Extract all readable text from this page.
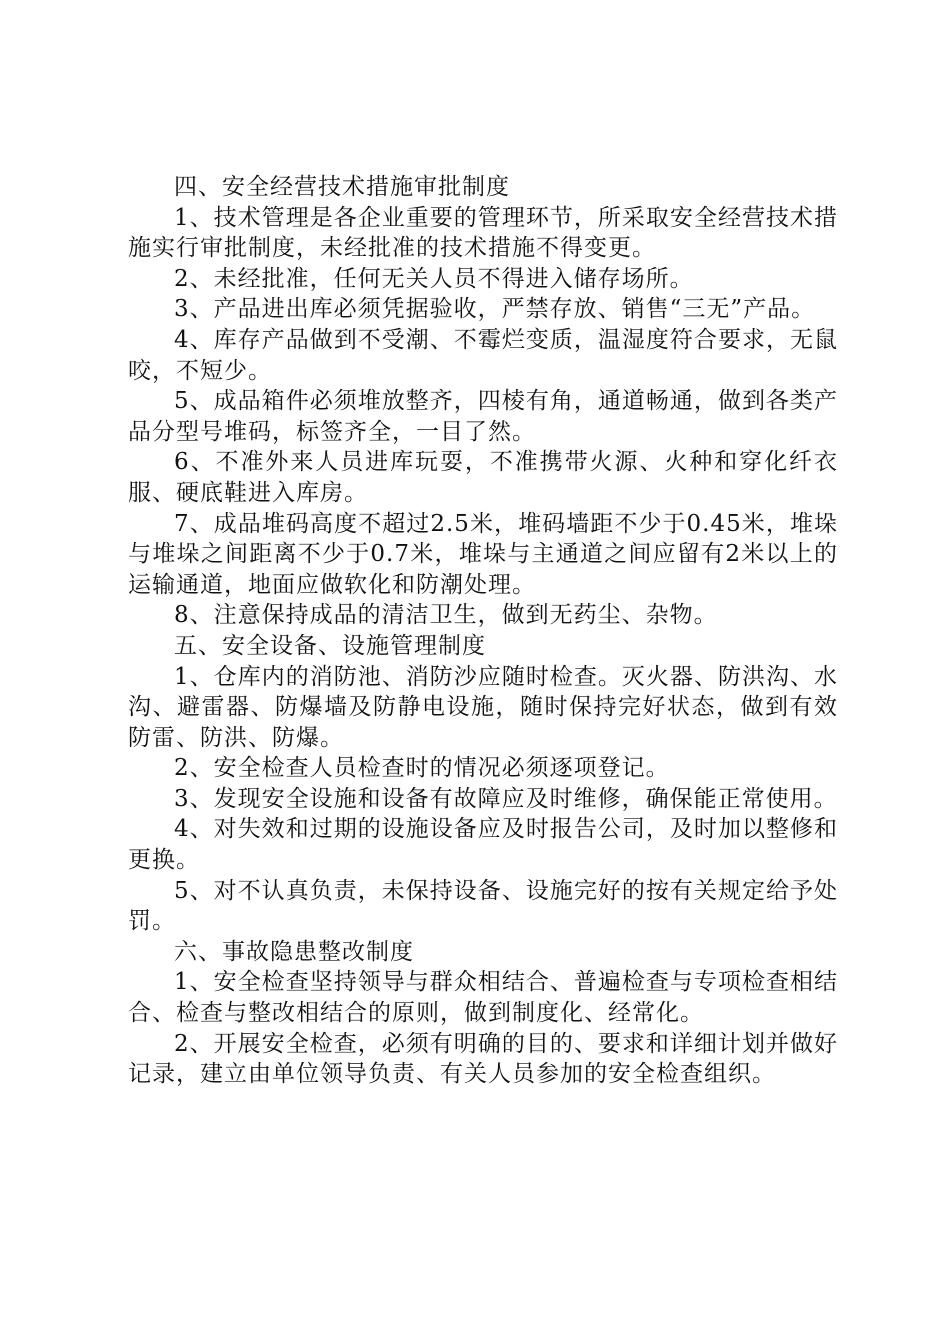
四、安全经营技术措施审批制度

1、技术管理是各企业重要的管理环节，所采取安全经营技术措施实行审批制度，未经批准的技术措施不得变更。

2、未经批准，任何无关人员不得进入储存场所。

3、产品进出库必须凭据验收，严禁存放、销售“三无”产品。

4、库存产品做到不受潮、不霉烂变质，温湿度符合要求，无鼠咬，不短少。

5、成品箱件必须堆放整齐，四棱有角，通道畅通，做到各类产品分型号堆码，标签齐全，一目了然。

6、不准外来人员进库玩耍，不准携带火源、火种和穿化纤衣服、硬底鞋进入库房。

7、成品堆码高度不超过2.5米，堆码墙距不少于0.45米，堆垛与堆垛之间距离不少于0.7米，堆垛与主通道之间应留有2米以上的运输通道，地面应做软化和防潮处理。

8、注意保持成品的清洁卫生，做到无药尘、杂物。

五、安全设备、设施管理制度

1、仓库内的消防池、消防沙应随时检查。灭火器、防洪沟、水沟、避雷器、防爆墙及防静电设施，随时保持完好状态，做到有效防雷、防洪、防爆。

2、安全检查人员检查时的情况必须逐项登记。

3、发现安全设施和设备有故障应及时维修，确保能正常使用。

4、对失效和过期的设施设备应及时报告公司，及时加以整修和更换。

5、对不认真负责，未保持设备、设施完好的按有关规定给予处罚。

六、事故隐患整改制度

1、安全检查坚持领导与群众相结合、普遍检查与专项检查相结合、检查与整改相结合的原则，做到制度化、经常化。

2、开展安全检查，必须有明确的目的、要求和详细计划并做好记录，建立由单位领导负责、有关人员参加的安全检查组织。
